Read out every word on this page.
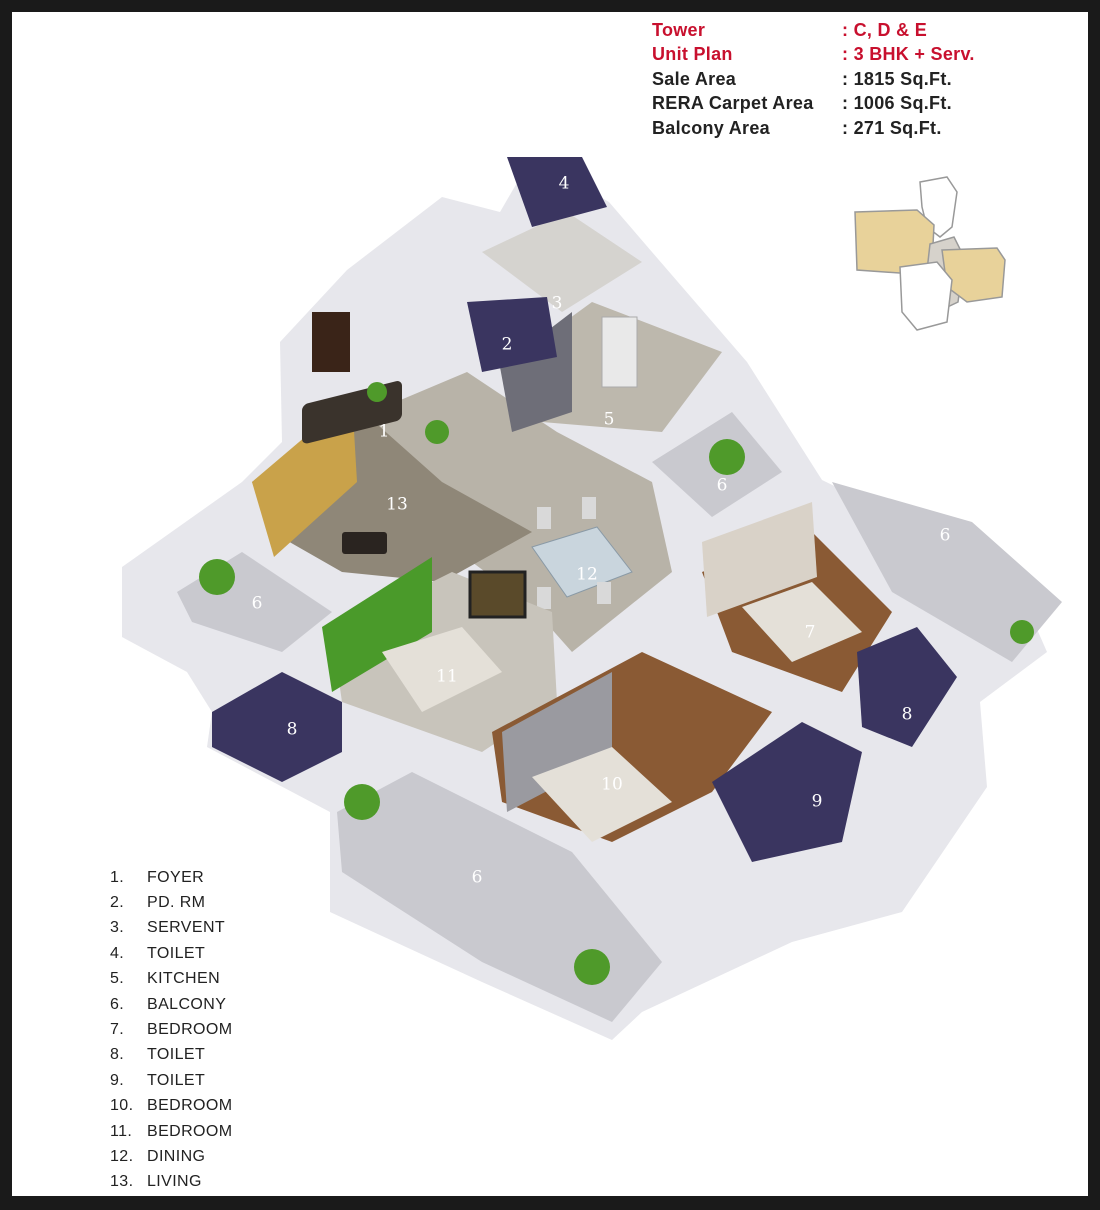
1
2
3
4
5
6
6
6
6
7
8
8
9
10
11
12
13
Tower	: C, D & E
Unit Plan	: 3 BHK + Serv.
Sale Area	: 1815 Sq.Ft.
RERA Carpet Area	: 1006 Sq.Ft.
Balcony Area	: 271 Sq.Ft.
1.	FOYER
2.	PD. RM
3.	SERVENT
4.	TOILET
5.	KITCHEN
6.	BALCONY
7.	BEDROOM
8.	TOILET
9.	TOILET
10. BEDROOM
11. BEDROOM
12. DINING
13. LIVING
